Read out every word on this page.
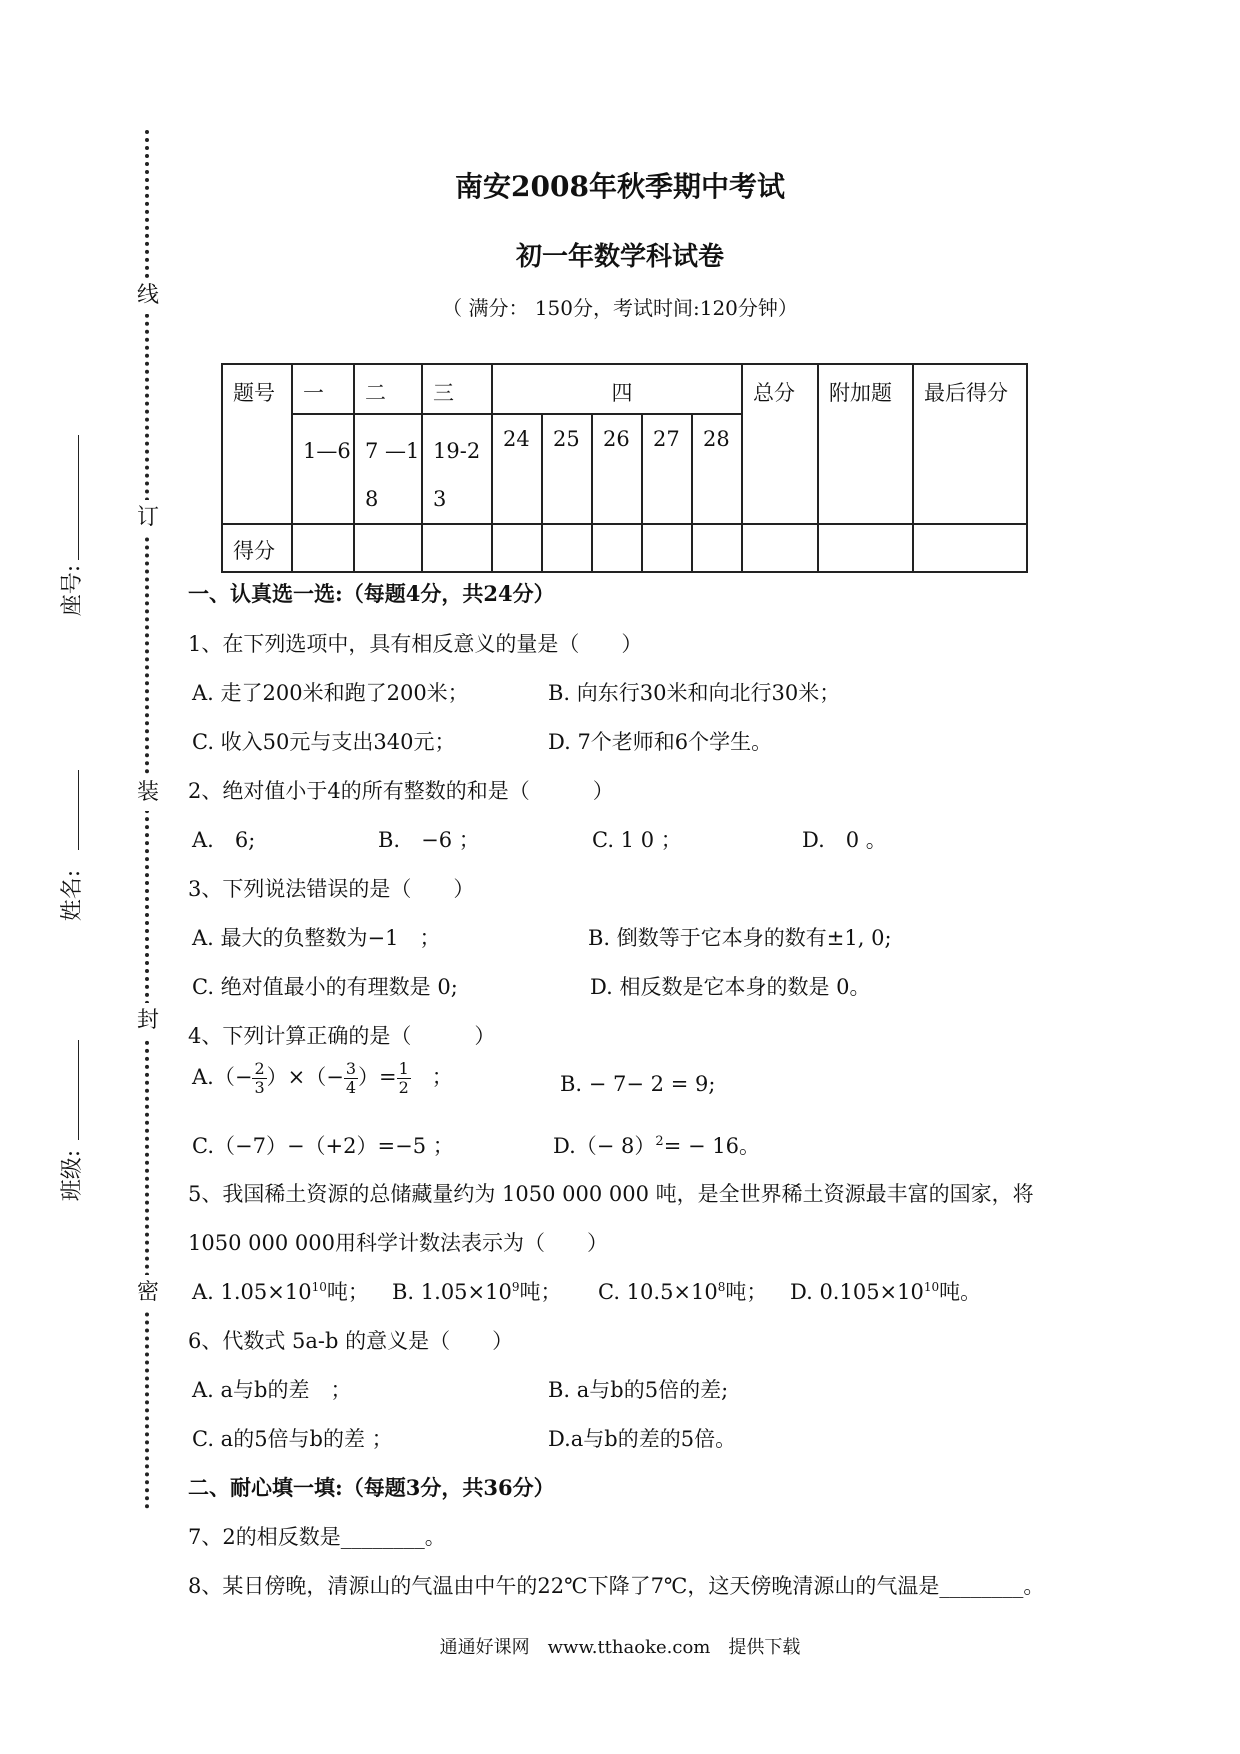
线
订
装
封
密
座号:
姓名:
班级:
南安2008年秋季期中考试
初一年数学科试卷
（ 满分： 150分，考试时间:120分钟）
题号	一	二	三	四					总分	附加题	最后得分
	1—6	7 —18	19-23	24	25	26	27	28			
得分											
一、认真选一选:（每题4分，共24分）
1、在下列选项中，具有相反意义的量是（　　）
A. 走了200米和跑了200米；	B. 向东行30米和向北行30米；
C. 收入50元与支出340元；	D. 7个老师和6个学生。
2、绝对值小于4的所有整数的和是（　　　）
A.　6;	B.　−6 ；	C. 1 0 ；	D.　0 。
3、下列说法错误的是（　　）
A. 最大的负整数为−1　；	B. 倒数等于它本身的数有±1, 0;
C. 绝对值最小的有理数是 0;	D. 相反数是它本身的数是 0。
4、下列计算正确的是（　　　）
$A.(- \frac{2}{3}$ ）×（− $\frac{3}{4}$ ）= $\frac{1}{2}$ 　；	B. − 7− 2 = 9;
C.（−7）−（+2）=−5 ；	$D.(- 8)^2= - 16$。
5、我国稀土资源的总储藏量约为 1050 000 000 吨，是全世界稀土资源最丰富的国家，将
1050 000 000用科学计数法表示为（　　）
A. $1.05\times 10^{10}$吨； B. $1.05\times 10^9$吨； C. $10.5\times 10^8$吨； D. $0.105\times 10^{10}$吨。
6、代数式 5a-b 的意义是（　　）
A. a与b的差　；	B. a与b的5倍的差;
C. a的5倍与b的差 ；	D.a与b的差的5倍。
二、耐心填一填:（每题3分，共36分）
7、2的相反数是________。
8、某日傍晚，清源山的气温由中午的22℃下降了7℃，这天傍晚清源山的气温是________。
通通好课网　www.tthaoke.com　提供下载
